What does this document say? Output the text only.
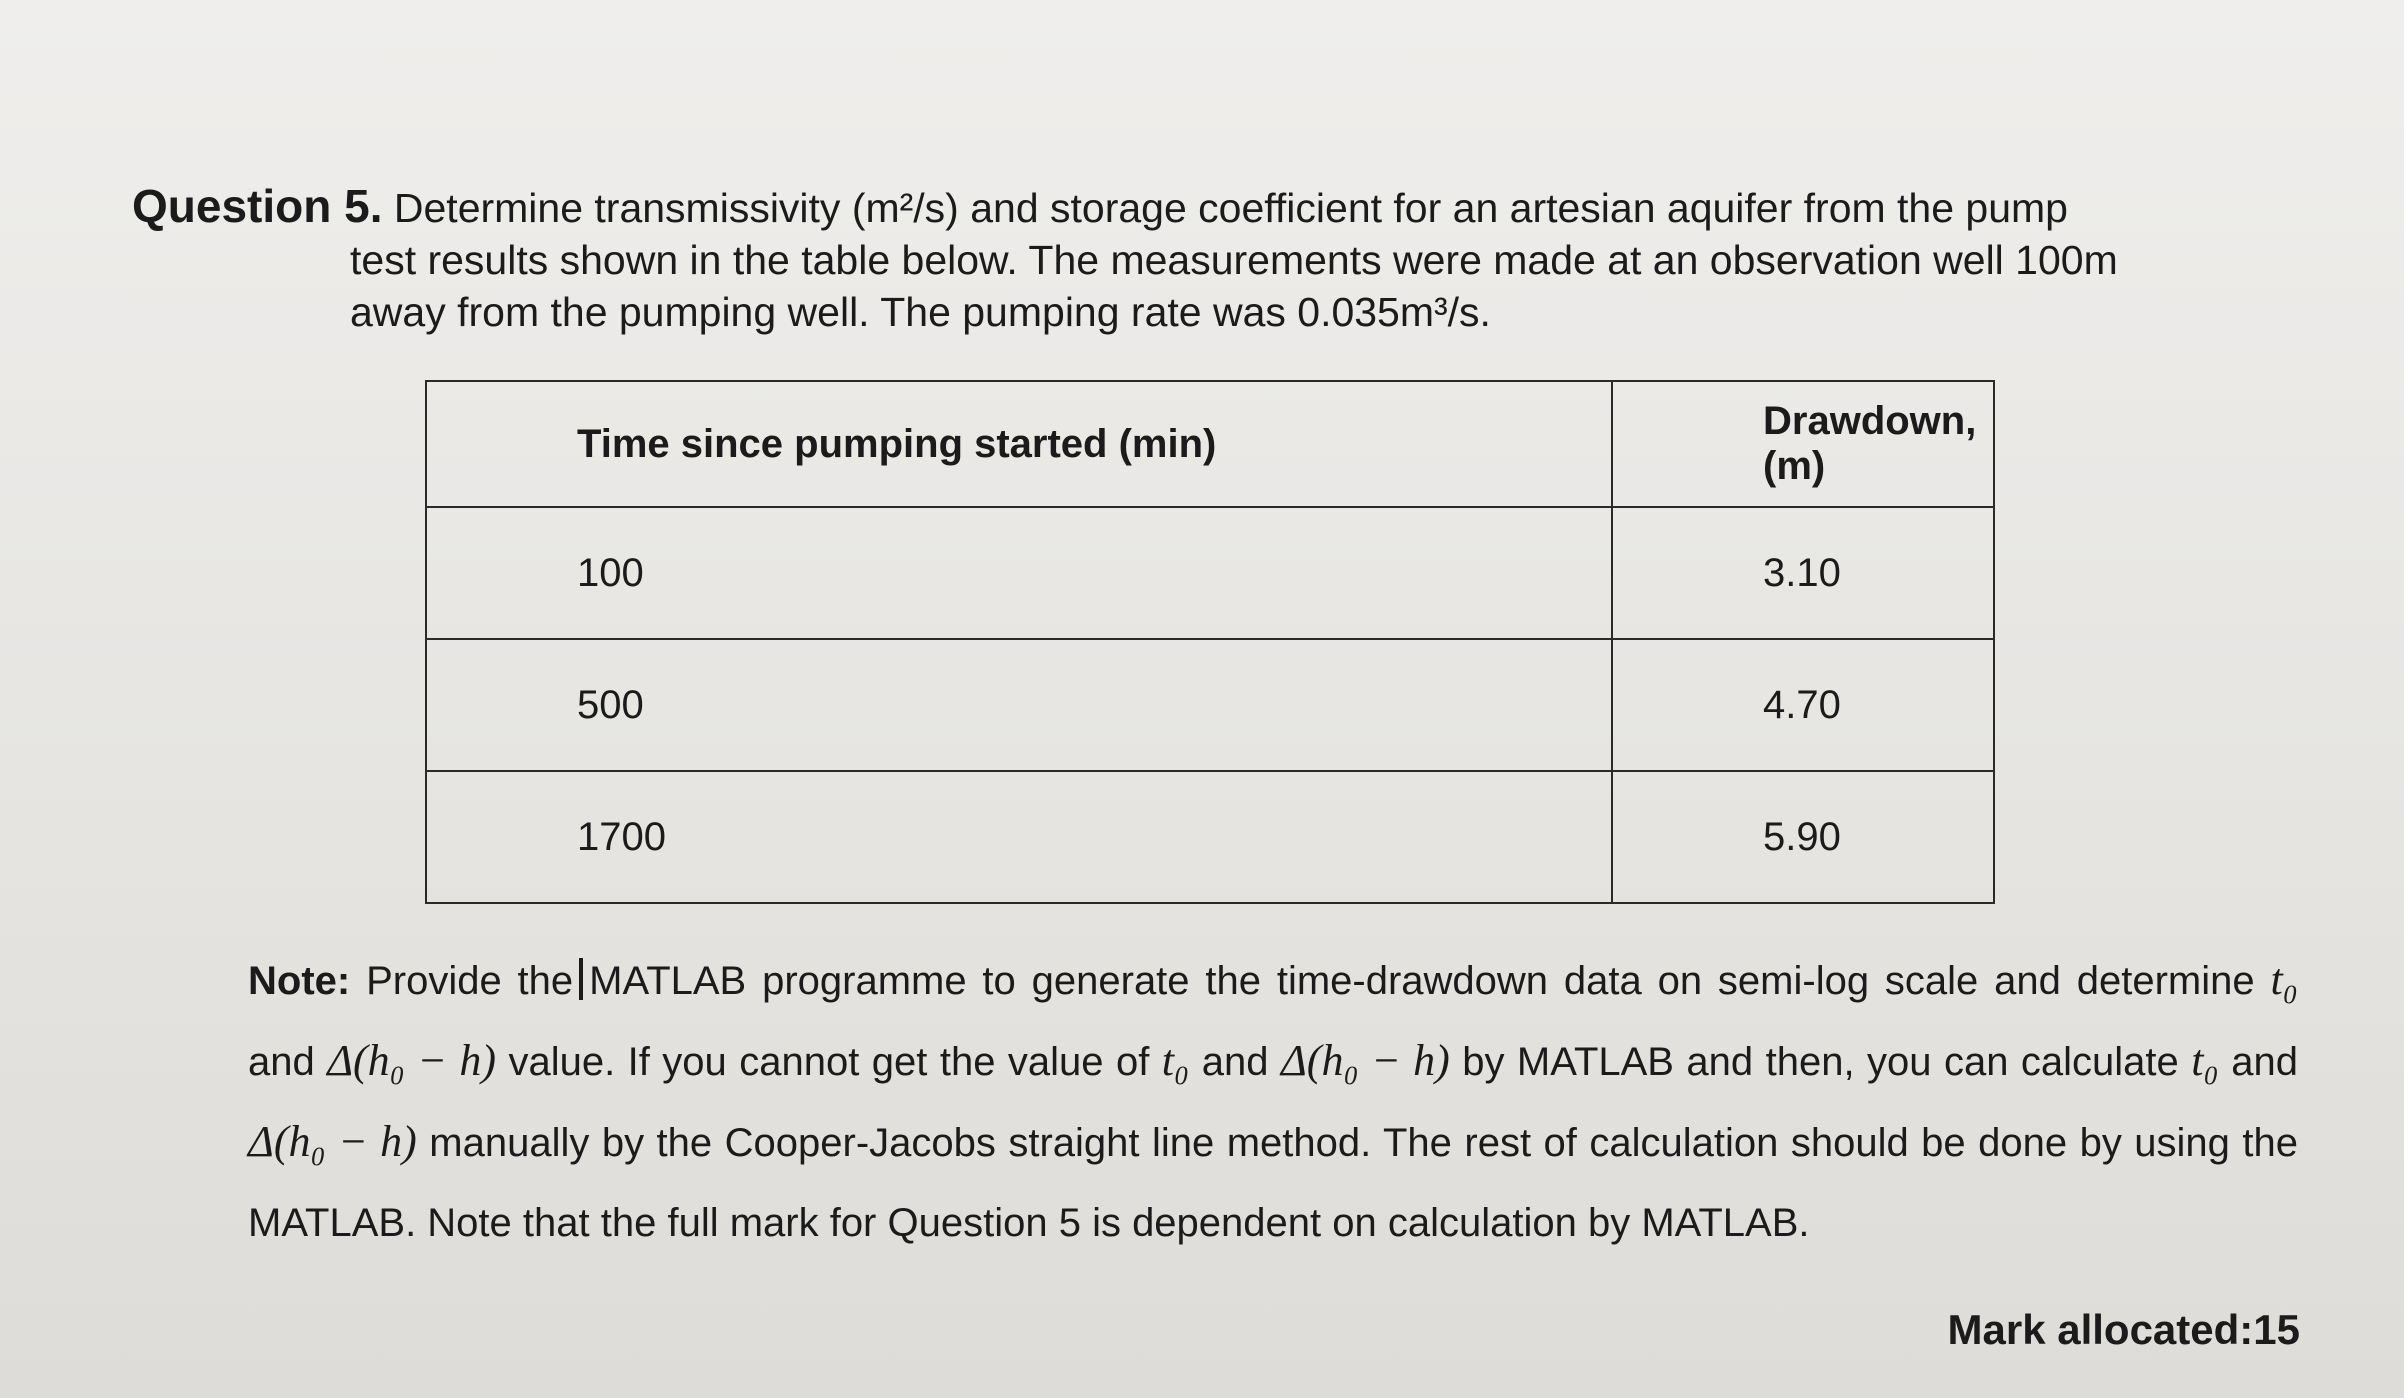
Question 5. Determine transmissivity (m²/s) and storage coefficient for an artesian aquifer from the pump
test results shown in the table below. The measurements were made at an observation well 100m
away from the pumping well. The pumping rate was 0.035m³/s.
Time since pumping started (min)	Drawdown, (m)
100	3.10
500	4.70
1700	5.90
Note: Provide the MATLAB programme to generate the time-drawdown data on semi-log scale and determine t₀ and Δ(h₀ − h) value. If you cannot get the value of t₀ and Δ(h₀ − h) by MATLAB and then, you can calculate t₀ and Δ(h₀ − h) manually by the Cooper-Jacobs straight line method. The rest of calculation should be done by using the MATLAB. Note that the full mark for Question 5 is dependent on calculation by MATLAB.
Mark allocated:15
